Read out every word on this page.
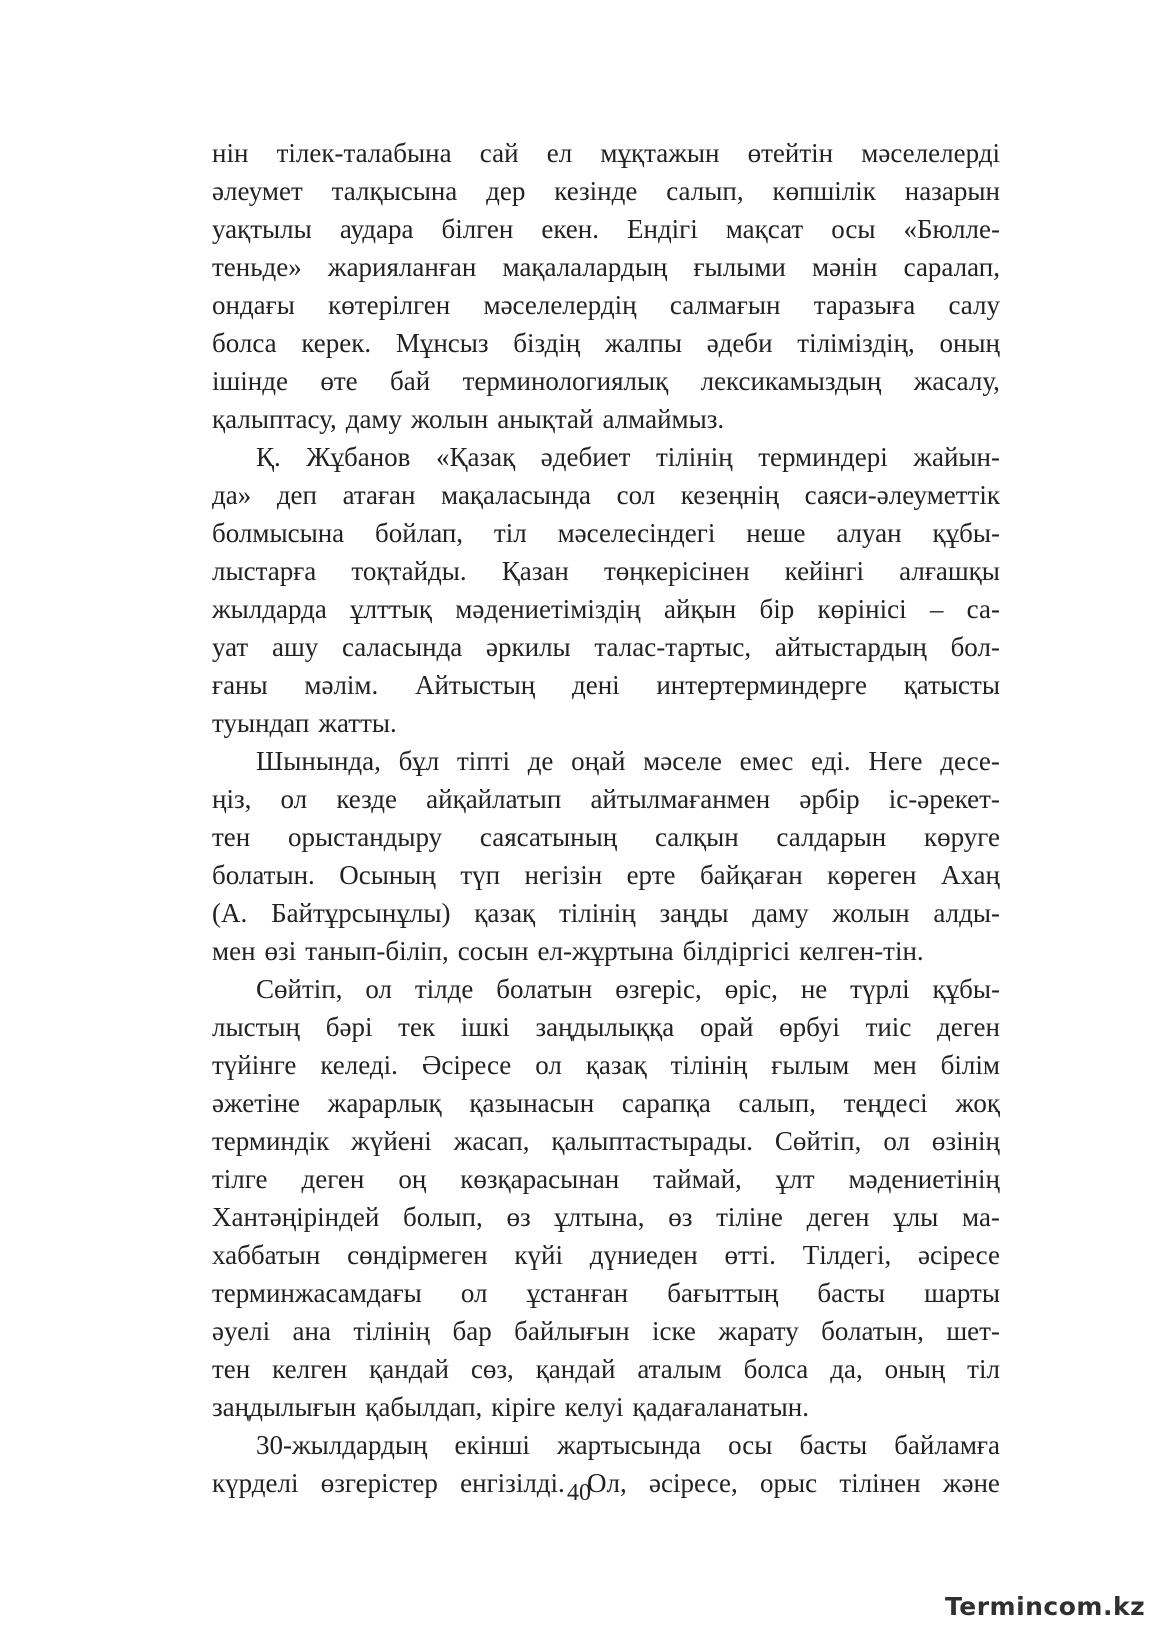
нін тілек-талабына сай ел мұқтажын өтейтін мәселелерді
әлеумет талқысына дер кезінде салып, көпшілік назарын
уақтылы аудара білген екен. Ендігі мақсат осы «Бюлле-
теньде» жарияланған мақалалардың ғылыми мәнін саралап,
ондағы көтерілген мәселелердің салмағын таразыға салу
болса керек. Мұнсыз біздің жалпы әдеби тіліміздің, оның
ішінде өте бай терминологиялық лексикамыздың жасалу,
қалыптасу, даму жолын анықтай алмаймыз.
Қ. Жұбанов «Қазақ әдебиет тілінің терминдері жайын-
да» деп атаған мақаласында сол кезеңнің саяси-әлеуметтік
болмысына бойлап, тіл мәселесіндегі неше алуан құбы-
лыстарға тоқтайды. Қазан төңкерісінен кейінгі алғашқы
жылдарда ұлттық мәдениетіміздің айқын бір көрінісі – са-
уат ашу саласында әркилы талас-тартыс, айтыстардың бол-
ғаны мәлім. Айтыстың дені интертерминдерге қатысты
туындап жатты.
Шынында, бұл тіпті де оңай мәселе емес еді. Неге десе-
ңіз, ол кезде айқайлатып айтылмағанмен әрбір іс-әрекет-
тен орыстандыру саясатының салқын салдарын көруге
болатын. Осының түп негізін ерте байқаған көреген Ахаң
(А. Байтұрсынұлы) қазақ тілінің заңды даму жолын алды-
мен өзі танып-біліп, сосын ел-жұртына білдіргісі келген-тін.
Сөйтіп, ол тілде болатын өзгеріс, өріс, не түрлі құбы-
лыстың бәрі тек ішкі заңдылыққа орай өрбуі тиіс деген
түйінге келеді. Әсіресе ол қазақ тілінің ғылым мен білім
әжетіне жарарлық қазынасын сарапқа салып, теңдесі жоқ
терминдік жүйені жасап, қалыптастырады. Сөйтіп, ол өзінің
тілге деген оң көзқарасынан таймай, ұлт мәдениетінің
Хантәңіріндей болып, өз ұлтына, өз тіліне деген ұлы ма-
хаббатын сөндірмеген күйі дүниеден өтті. Тілдегі, әсіресе
терминжасамдағы ол ұстанған бағыттың басты шарты
әуелі ана тілінің бар байлығын іске жарату болатын, шет-
тен келген қандай сөз, қандай аталым болса да, оның тіл
заңдылығын қабылдап, кіріге келуі қадағаланатын.
30-жылдардың екінші жартысында осы басты байламға
күрделі өзгерістер енгізілді. Ол, әсіресе, орыс тілінен және
40
Termincom.kz
